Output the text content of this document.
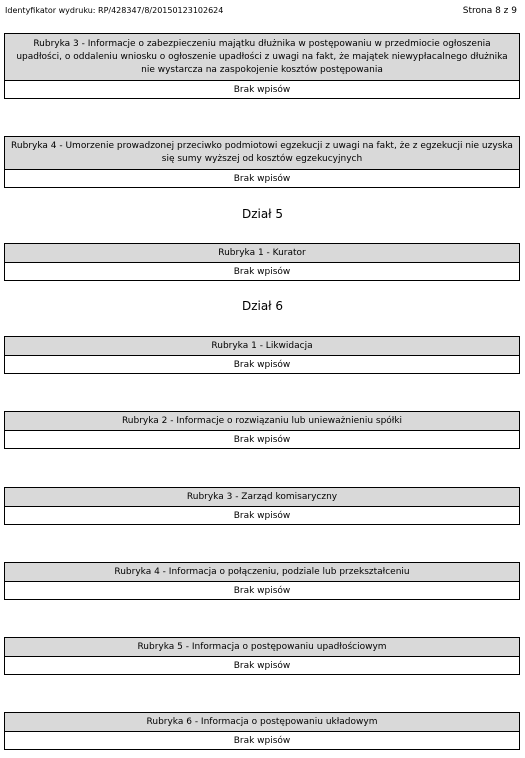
Identyfikator wydruku: RP/428347/8/20150123102624	Strona 8 z 9
Rubryka 3 - Informacje o zabezpieczeniu majątku dłużnika w postępowaniu w przedmiocie ogłoszenia upadłości, o oddaleniu wniosku o ogłoszenie upadłości z uwagi na fakt, że majątek niewypłacalnego dłużnika nie wystarcza na zaspokojenie kosztów postępowania
Brak wpisów
Rubryka 4 - Umorzenie prowadzonej przeciwko podmiotowi egzekucji z uwagi na fakt, że z egzekucji nie uzyska się sumy wyższej od kosztów egzekucyjnych
Brak wpisów
Dział 5
Rubryka 1 - Kurator
Brak wpisów
Dział 6
Rubryka 1 - Likwidacja
Brak wpisów
Rubryka 2 - Informacje o rozwiązaniu lub unieważnieniu spółki
Brak wpisów
Rubryka 3 - Zarząd komisaryczny
Brak wpisów
Rubryka 4 - Informacja o połączeniu, podziale lub przekształceniu
Brak wpisów
Rubryka 5 - Informacja o postępowaniu upadłościowym
Brak wpisów
Rubryka 6 - Informacja o postępowaniu układowym
Brak wpisów
